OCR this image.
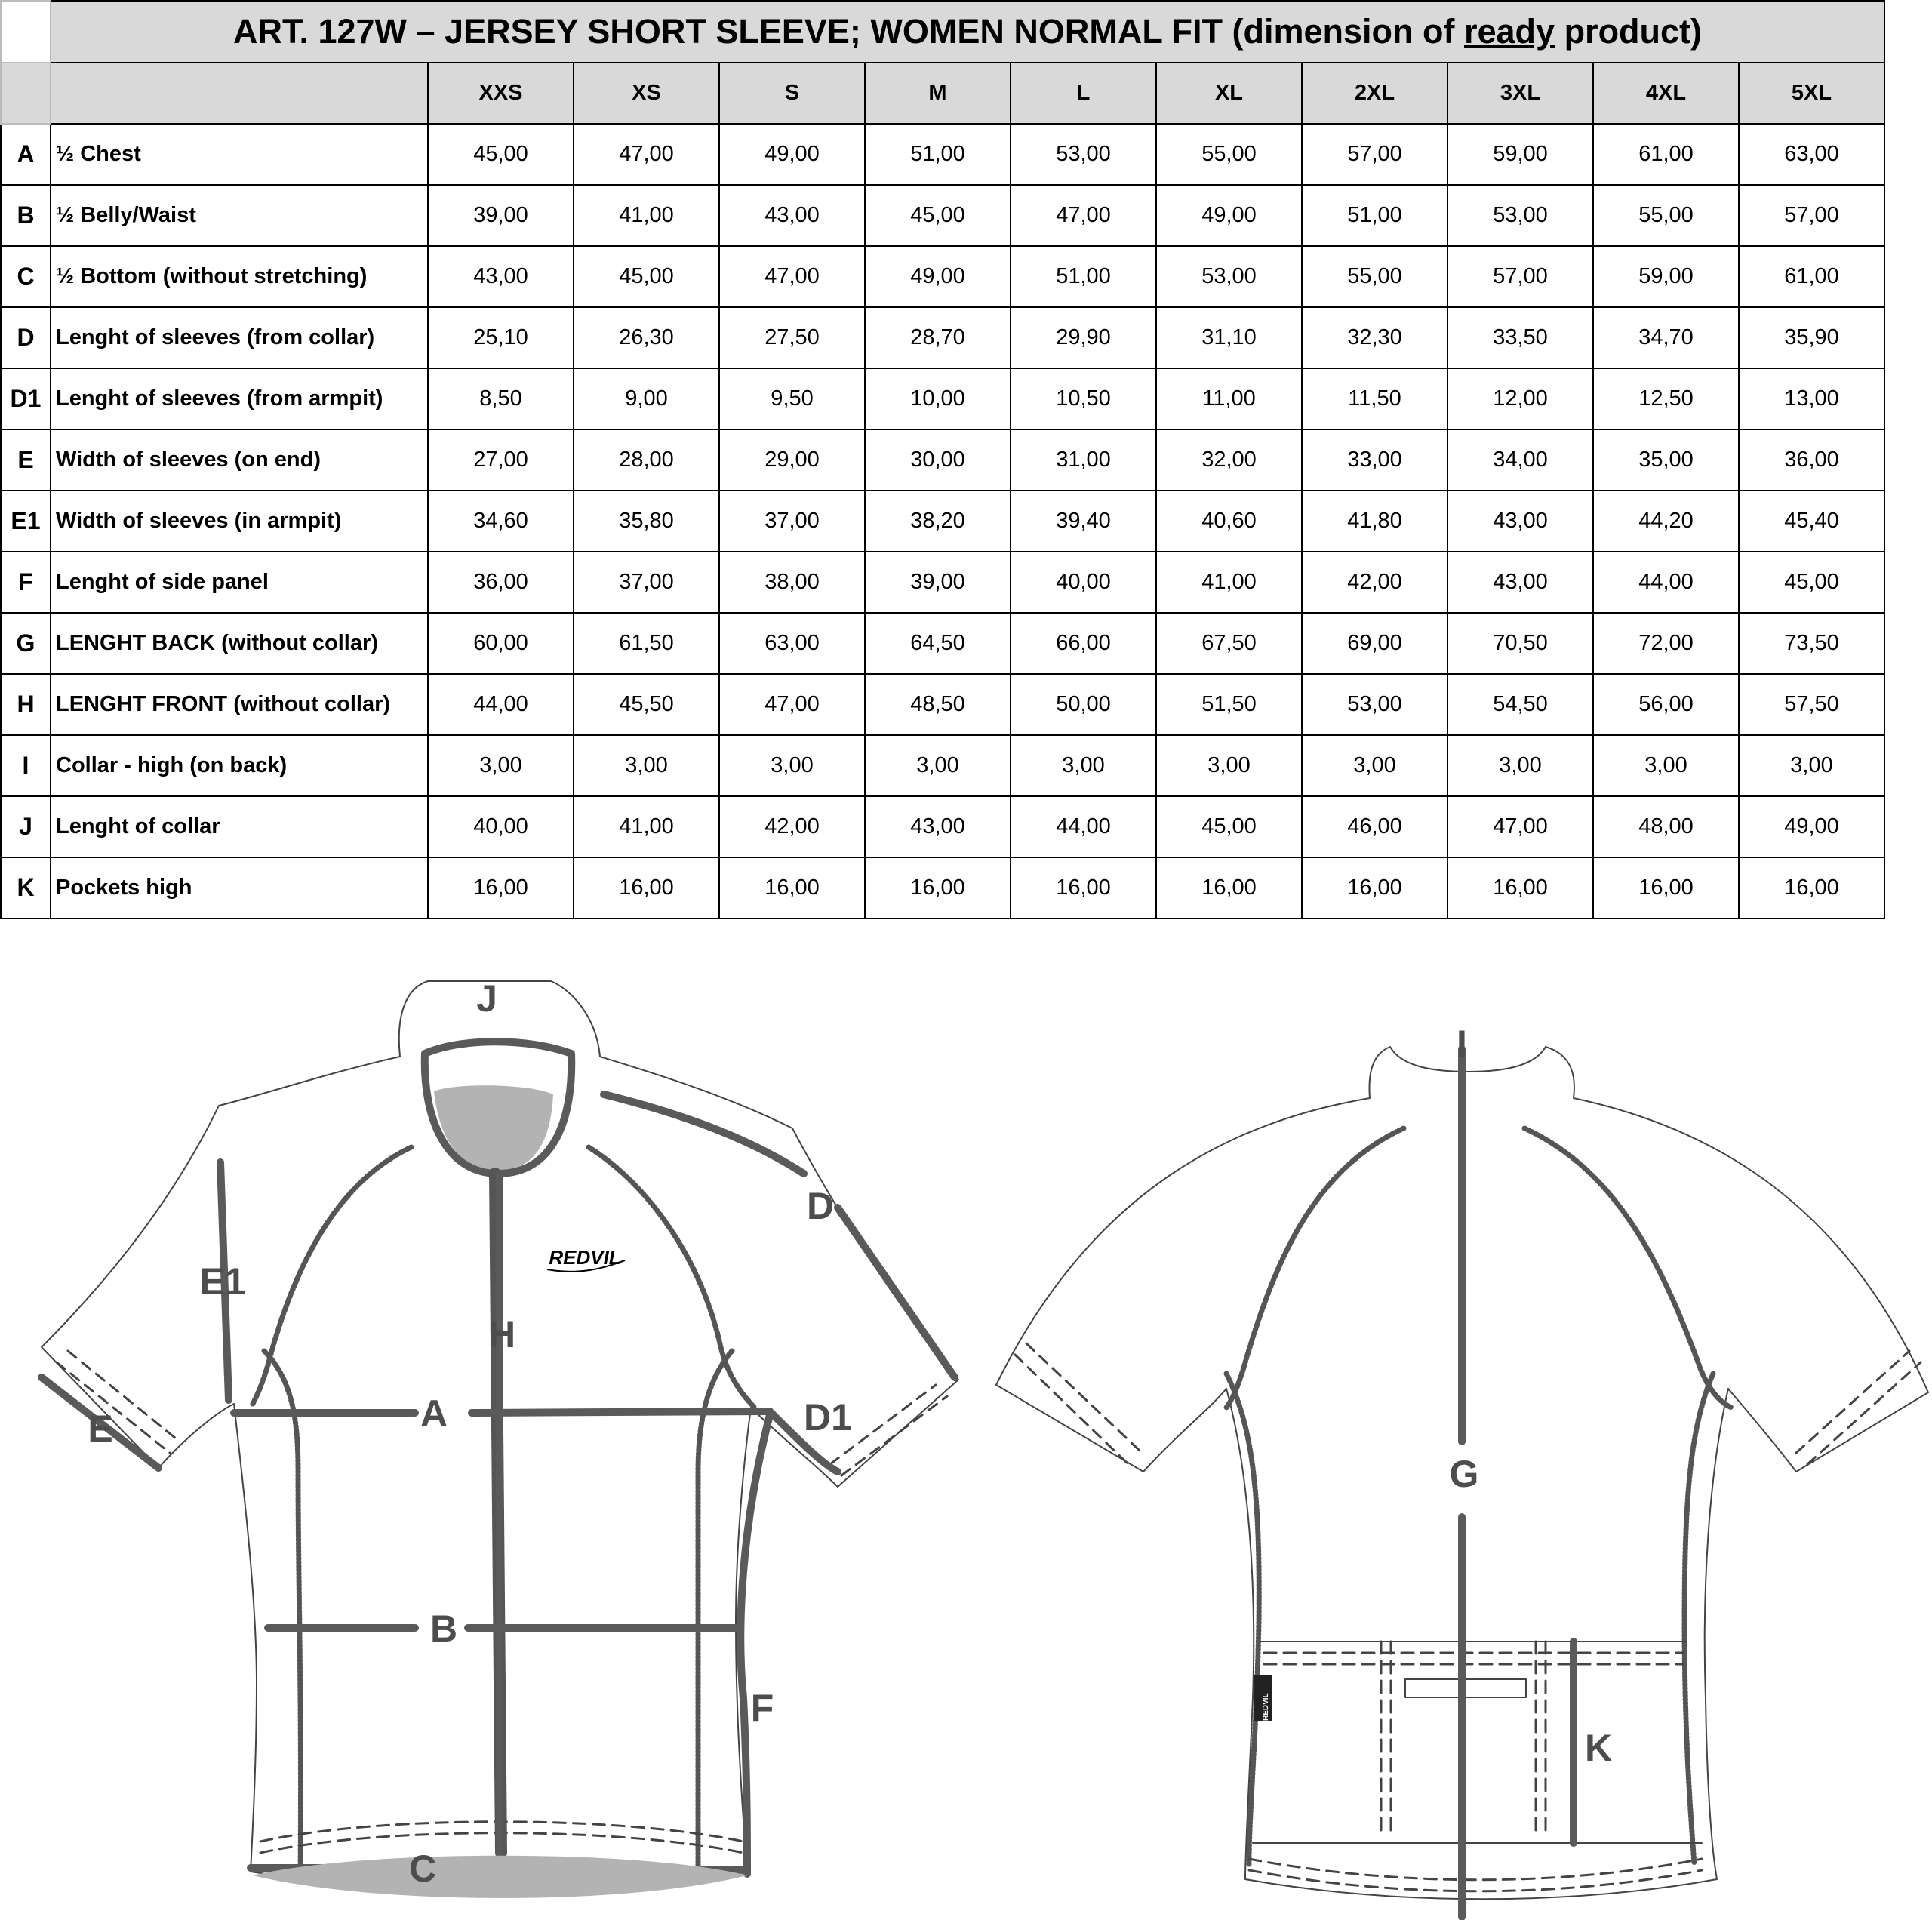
	ART. 127W – JERSEY SHORT SLEEVE; WOMEN NORMAL FIT (dimension of ready product)										
		XXS	XS	S	M	L	XL	2XL	3XL	4XL	5XL
A	½ Chest	45,00	47,00	49,00	51,00	53,00	55,00	57,00	59,00	61,00	63,00
B	½ Belly/Waist	39,00	41,00	43,00	45,00	47,00	49,00	51,00	53,00	55,00	57,00
C	½ Bottom (without stretching)	43,00	45,00	47,00	49,00	51,00	53,00	55,00	57,00	59,00	61,00
D	Lenght of sleeves (from collar)	25,10	26,30	27,50	28,70	29,90	31,10	32,30	33,50	34,70	35,90
D1	Lenght of sleeves (from armpit)	8,50	9,00	9,50	10,00	10,50	11,00	11,50	12,00	12,50	13,00
E	Width of sleeves (on end)	27,00	28,00	29,00	30,00	31,00	32,00	33,00	34,00	35,00	36,00
E1	Width of sleeves (in armpit)	34,60	35,80	37,00	38,20	39,40	40,60	41,80	43,00	44,20	45,40
F	Lenght of side panel	36,00	37,00	38,00	39,00	40,00	41,00	42,00	43,00	44,00	45,00
G	LENGHT BACK (without collar)	60,00	61,50	63,00	64,50	66,00	67,50	69,00	70,50	72,00	73,50
H	LENGHT FRONT (without collar)	44,00	45,50	47,00	48,50	50,00	51,50	53,00	54,50	56,00	57,50
I	Collar - high (on back)	3,00	3,00	3,00	3,00	3,00	3,00	3,00	3,00	3,00	3,00
J	Lenght of collar	40,00	41,00	42,00	43,00	44,00	45,00	46,00	47,00	48,00	49,00
K	Pockets high	16,00	16,00	16,00	16,00	16,00	16,00	16,00	16,00	16,00	16,00
J
D
E1
H
A	D1
E
B
F
C
REDVIL
I
G
K
REDVIL
